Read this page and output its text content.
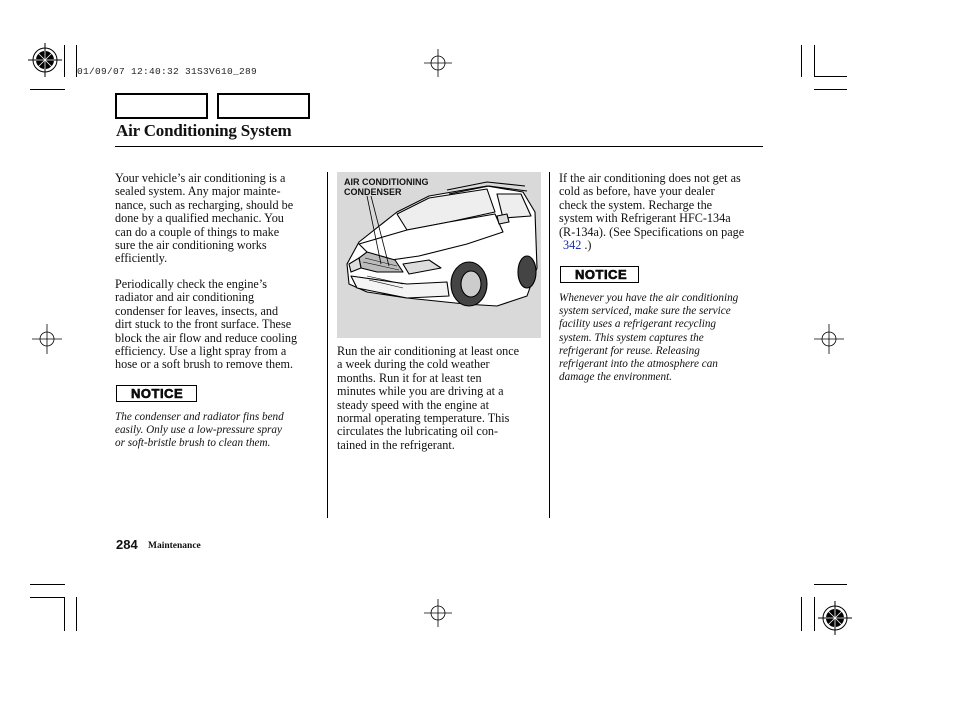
01/09/07 12:40:32 31S3V610_289
Air Conditioning System
Your vehicle’s air conditioning is a
sealed system. Any major mainte-
nance, such as recharging, should be
done by a qualified mechanic. You
can do a couple of things to make
sure the air conditioning works
efficiently.
Periodically check the engine’s
radiator and air conditioning
condenser for leaves, insects, and
dirt stuck to the front surface. These
block the air flow and reduce cooling
efficiency. Use a light spray from a
hose or a soft brush to remove them.
NOTICE
The condenser and radiator fins bend
easily. Only use a low-pressure spray
or soft-bristle brush to clean them.
AIR CONDITIONING
CONDENSER
Run the air conditioning at least once
a week during the cold weather
months. Run it for at least ten
minutes while you are driving at a
steady speed with the engine at
normal operating temperature. This
circulates the lubricating oil con-
tained in the refrigerant.
If the air conditioning does not get as
cold as before, have your dealer
check the system. Recharge the
system with Refrigerant HFC-134a
(R-134a). (See Specifications on page
342 .)
NOTICE
Whenever you have the air conditioning
system serviced, make sure the service
facility uses a refrigerant recycling
system. This system captures the
refrigerant for reuse. Releasing
refrigerant into the atmosphere can
damage the environment.
284 Maintenance
